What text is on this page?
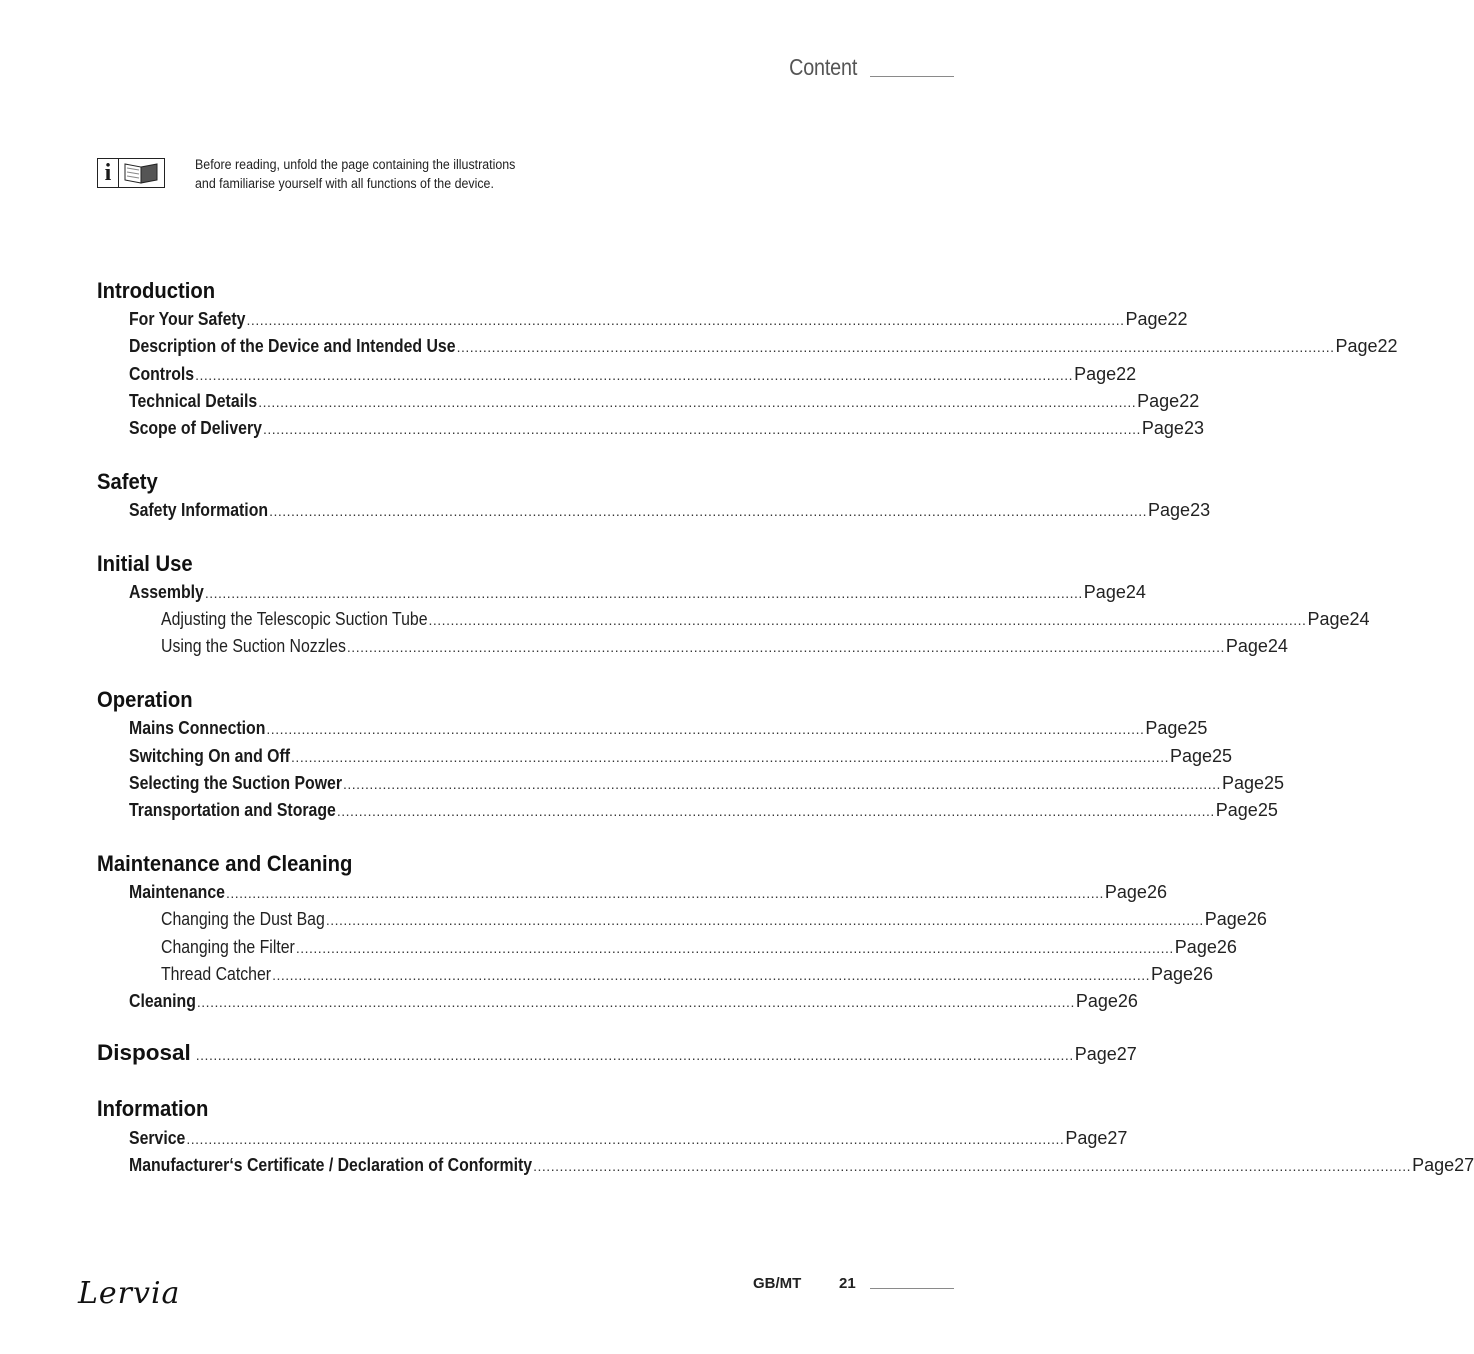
Content
i	Before reading, unfold the page containing the illustrations
and familiarise yourself with all functions of the device.
Introduction
For Your Safety ........................................................................................................................................................................................................ Page 22
Description of the Device and Intended Use ........................................................................................................................................................................................................ Page 22
Controls ........................................................................................................................................................................................................ Page 22
Technical Details ........................................................................................................................................................................................................ Page 22
Scope of Delivery ........................................................................................................................................................................................................ Page 23
Safety
Safety Information ........................................................................................................................................................................................................ Page 23
Initial Use
Assembly ........................................................................................................................................................................................................ Page 24
Adjusting the Telescopic Suction Tube ........................................................................................................................................................................................................ Page 24
Using the Suction Nozzles ........................................................................................................................................................................................................ Page 24
Operation
Mains Connection ........................................................................................................................................................................................................ Page 25
Switching On and Off ........................................................................................................................................................................................................ Page 25
Selecting the Suction Power ........................................................................................................................................................................................................ Page 25
Transportation and Storage ........................................................................................................................................................................................................ Page 25
Maintenance and Cleaning
Maintenance ........................................................................................................................................................................................................ Page 26
Changing the Dust Bag ........................................................................................................................................................................................................ Page 26
Changing the Filter ........................................................................................................................................................................................................ Page 26
Thread Catcher ........................................................................................................................................................................................................ Page 26
Cleaning ........................................................................................................................................................................................................ Page 26
Disposal ........................................................................................................................................................................................................ Page 27
Information
Service ........................................................................................................................................................................................................ Page 27
Manufacturer‘s Certificate / Declaration of Conformity ........................................................................................................................................................................................................ Page 27
Lervia	GB/MT	21
